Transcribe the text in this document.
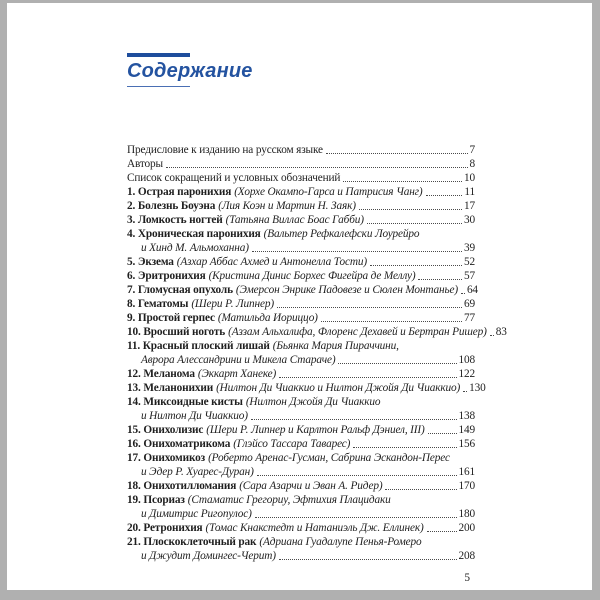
Содержание
Предисловие к изданию на русском языке	7
Авторы	8
Список сокращений и условных обозначений	10
1. Острая паронихия (Хорхе Окампо-Гарса и Патрисия Чанг)	11
2. Болезнь Боуэна (Лия Коэн и Мартин Н. Заяк)	17
3. Ломкость ногтей (Татьяна Виллас Боас Габби)	30
4. Хроническая паронихия (Вальтер Рефкалефски Лоурейро
и Хинд М. Альмоханна)	39
5. Экзема (Азхар Аббас Ахмед и Антонелла Тости)	52
6. Эритронихия (Кристина Динис Борхес Фигейра де Меллу)	57
7. Гломусная опухоль (Эмерсон Энрике Падовезе и Сюлен Монтанье) 64
8. Гематомы (Шери Р. Липнер)	69
9. Простой герпес (Матильда Иориццо)	77
10. Вросший ноготь (Аззам Альхалифа, Флоренс Дехавей и Бертран Ришер) 83
11. Красный плоский лишай (Бьянка Мария Пираччини,
Аврора Алессандрини и Микела Стараче)	108
12. Меланома (Эккарт Ханеке)	122
13. Меланонихии (Нилтон Ди Чиаккио и Нилтон Джойя Ди Чиаккио) 130
14. Миксоидные кисты (Нилтон Джойя Ди Чиаккио
и Нилтон Ди Чиаккио)	138
15. Онихолизис (Шери Р. Липнер и Карлтон Ральф Дэниел, III)	149
16. Онихоматрикома (Глэйсо Тассара Таварес)	156
17. Онихомикоз (Роберто Аренас-Гусман, Сабрина Эскандон-Перес
и Эдер Р. Хуарес-Дуран)	161
18. Онихотилломания (Сара Азарчи и Эван А. Ридер)	170
19. Псориаз (Стаматис Грегориу, Эфтихия Плацидаки
и Димитрис Ригопулос)	180
20. Ретронихия (Томас Кнакстедт и Натаниэль Дж. Еллинек)	200
21. Плоскоклеточный рак (Адриана Гуадалупе Пенья-Ромеро
и Джудит Домингес-Черит)	208
5
